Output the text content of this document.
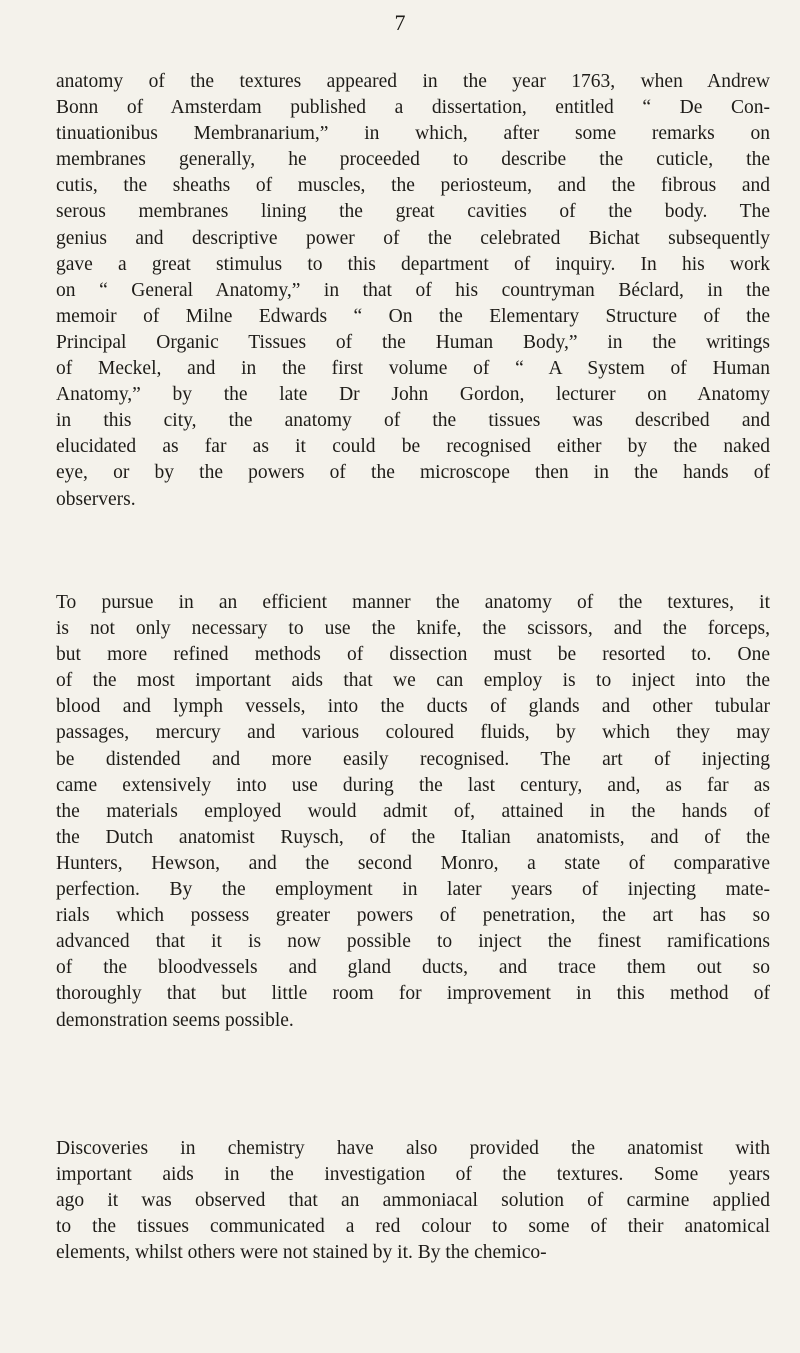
7
anatomy of the textures appeared in the year 1763, when Andrew
Bonn of Amsterdam published a dissertation, entitled “ De Con-
tinuationibus Membranarium,” in which, after some remarks on
membranes generally, he proceeded to describe the cuticle, the
cutis, the sheaths of muscles, the periosteum, and the fibrous and
serous membranes lining the great cavities of the body. The
genius and descriptive power of the celebrated Bichat subsequently
gave a great stimulus to this department of inquiry. In his work
on “ General Anatomy,” in that of his countryman Béclard, in the
memoir of Milne Edwards “ On the Elementary Structure of the
Principal Organic Tissues of the Human Body,” in the writings
of Meckel, and in the first volume of “ A System of Human
Anatomy,” by the late Dr John Gordon, lecturer on Anatomy
in this city, the anatomy of the tissues was described and
elucidated as far as it could be recognised either by the naked
eye, or by the powers of the microscope then in the hands of
observers.
To pursue in an efficient manner the anatomy of the textures, it
is not only necessary to use the knife, the scissors, and the forceps,
but more refined methods of dissection must be resorted to. One
of the most important aids that we can employ is to inject into the
blood and lymph vessels, into the ducts of glands and other tubular
passages, mercury and various coloured fluids, by which they may
be distended and more easily recognised. The art of injecting
came extensively into use during the last century, and, as far as
the materials employed would admit of, attained in the hands of
the Dutch anatomist Ruysch, of the Italian anatomists, and of the
Hunters, Hewson, and the second Monro, a state of comparative
perfection. By the employment in later years of injecting mate-
rials which possess greater powers of penetration, the art has so
advanced that it is now possible to inject the finest ramifications
of the bloodvessels and gland ducts, and trace them out so
thoroughly that but little room for improvement in this method of
demonstration seems possible.
Discoveries in chemistry have also provided the anatomist with
important aids in the investigation of the textures. Some years
ago it was observed that an ammoniacal solution of carmine applied
to the tissues communicated a red colour to some of their anatomical
elements, whilst others were not stained by it. By the chemico-
